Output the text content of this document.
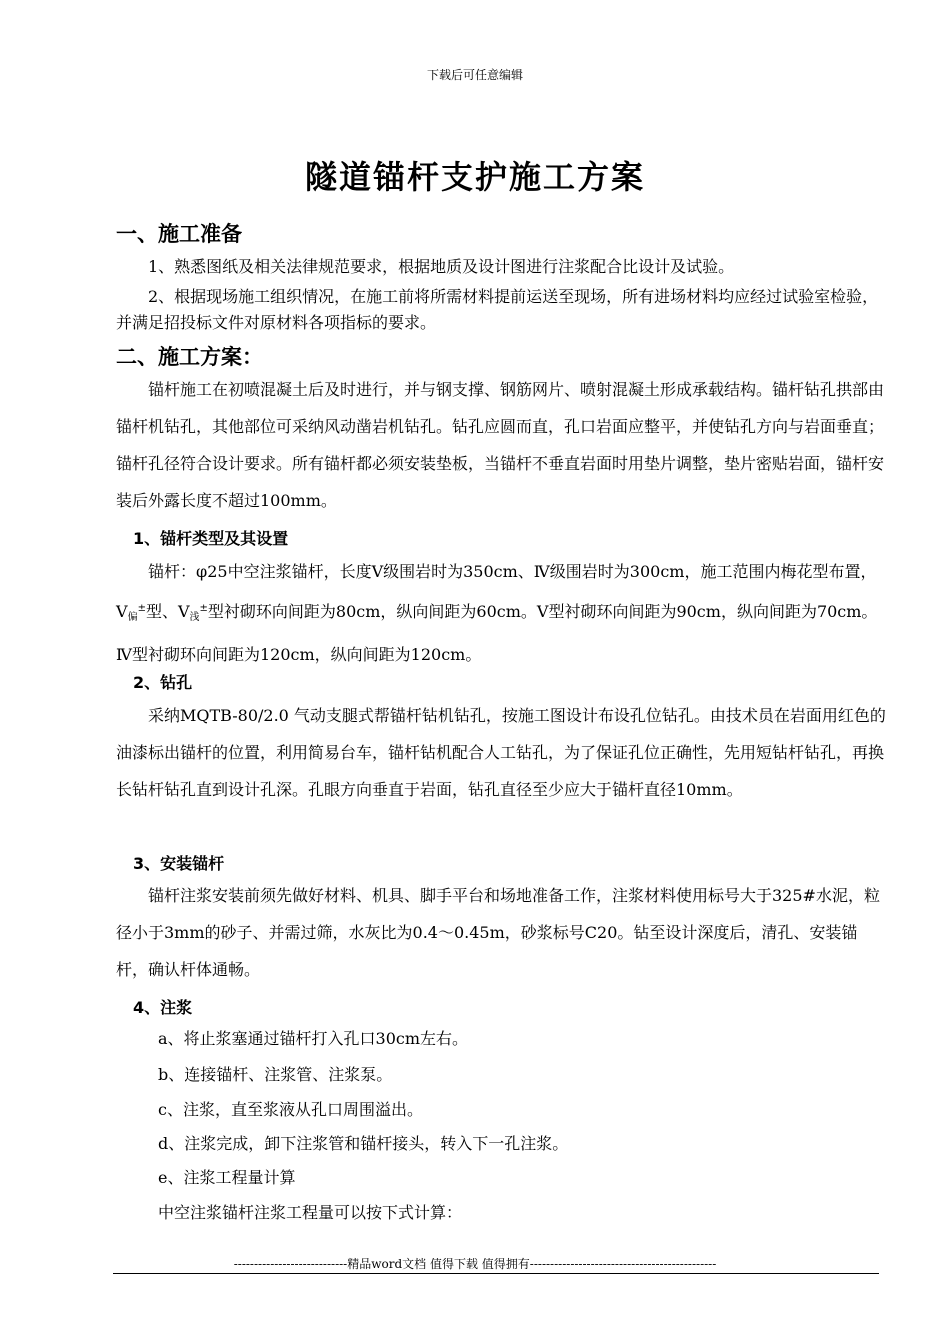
下载后可任意编辑
隧道锚杆支护施工方案
一、施工准备

1、熟悉图纸及相关法律规范要求，根据地质及设计图进行注浆配合比设计及试验。

2、根据现场施工组织情况，在施工前将所需材料提前运送至现场，所有进场材料均应经过试验室检验，并满足招投标文件对原材料各项指标的要求。

二、施工方案：

锚杆施工在初喷混凝土后及时进行，并与钢支撑、钢筋网片、喷射混凝土形成承载结构。锚杆钻孔拱部由锚杆机钻孔，其他部位可采纳风动凿岩机钻孔。钻孔应圆而直，孔口岩面应整平，并使钻孔方向与岩面垂直；锚杆孔径符合设计要求。所有锚杆都必须安装垫板，当锚杆不垂直岩面时用垫片调整，垫片密贴岩面，锚杆安装后外露长度不超过100mm。

1、锚杆类型及其设置

锚杆：φ25中空注浆锚杆，长度Ⅴ级围岩时为350cm、Ⅳ级围岩时为300cm，施工范围内梅花型布置，$Ⅴ_偏^\pm$型、$Ⅴ_浅^\pm$型衬砌环向间距为80cm，纵向间距为60cm。Ⅴ型衬砌环向间距为90cm，纵向间距为70cm。Ⅳ型衬砌环向间距为120cm，纵向间距为120cm。

2、钻孔

采纳MQTB-80/2.0 气动支腿式帮锚杆钻机钻孔，按施工图设计布设孔位钻孔。由技术员在岩面用红色的油漆标出锚杆的位置，利用简易台车，锚杆钻机配合人工钻孔，为了保证孔位正确性，先用短钻杆钻孔，再换长钻杆钻孔直到设计孔深。孔眼方向垂直于岩面，钻孔直径至少应大于锚杆直径10mm。

3、安装锚杆

锚杆注浆安装前须先做好材料、机具、脚手平台和场地准备工作，注浆材料使用标号大于325#水泥，粒径小于3mm的砂子、并需过筛，水灰比为0.4～0.45m，砂浆标号C20。钻至设计深度后，清孔、安装锚杆，确认杆体通畅。

4、注浆
a、将止浆塞通过锚杆打入孔口30cm左右。
b、连接锚杆、注浆管、注浆泵。
c、注浆，直至浆液从孔口周围溢出。
d、注浆完成，卸下注浆管和锚杆接头，转入下一孔注浆。
e、注浆工程量计算
中空注浆锚杆注浆工程量可以按下式计算：
----------------------------精品word文档 值得下载 值得拥有----------------------------------------------
